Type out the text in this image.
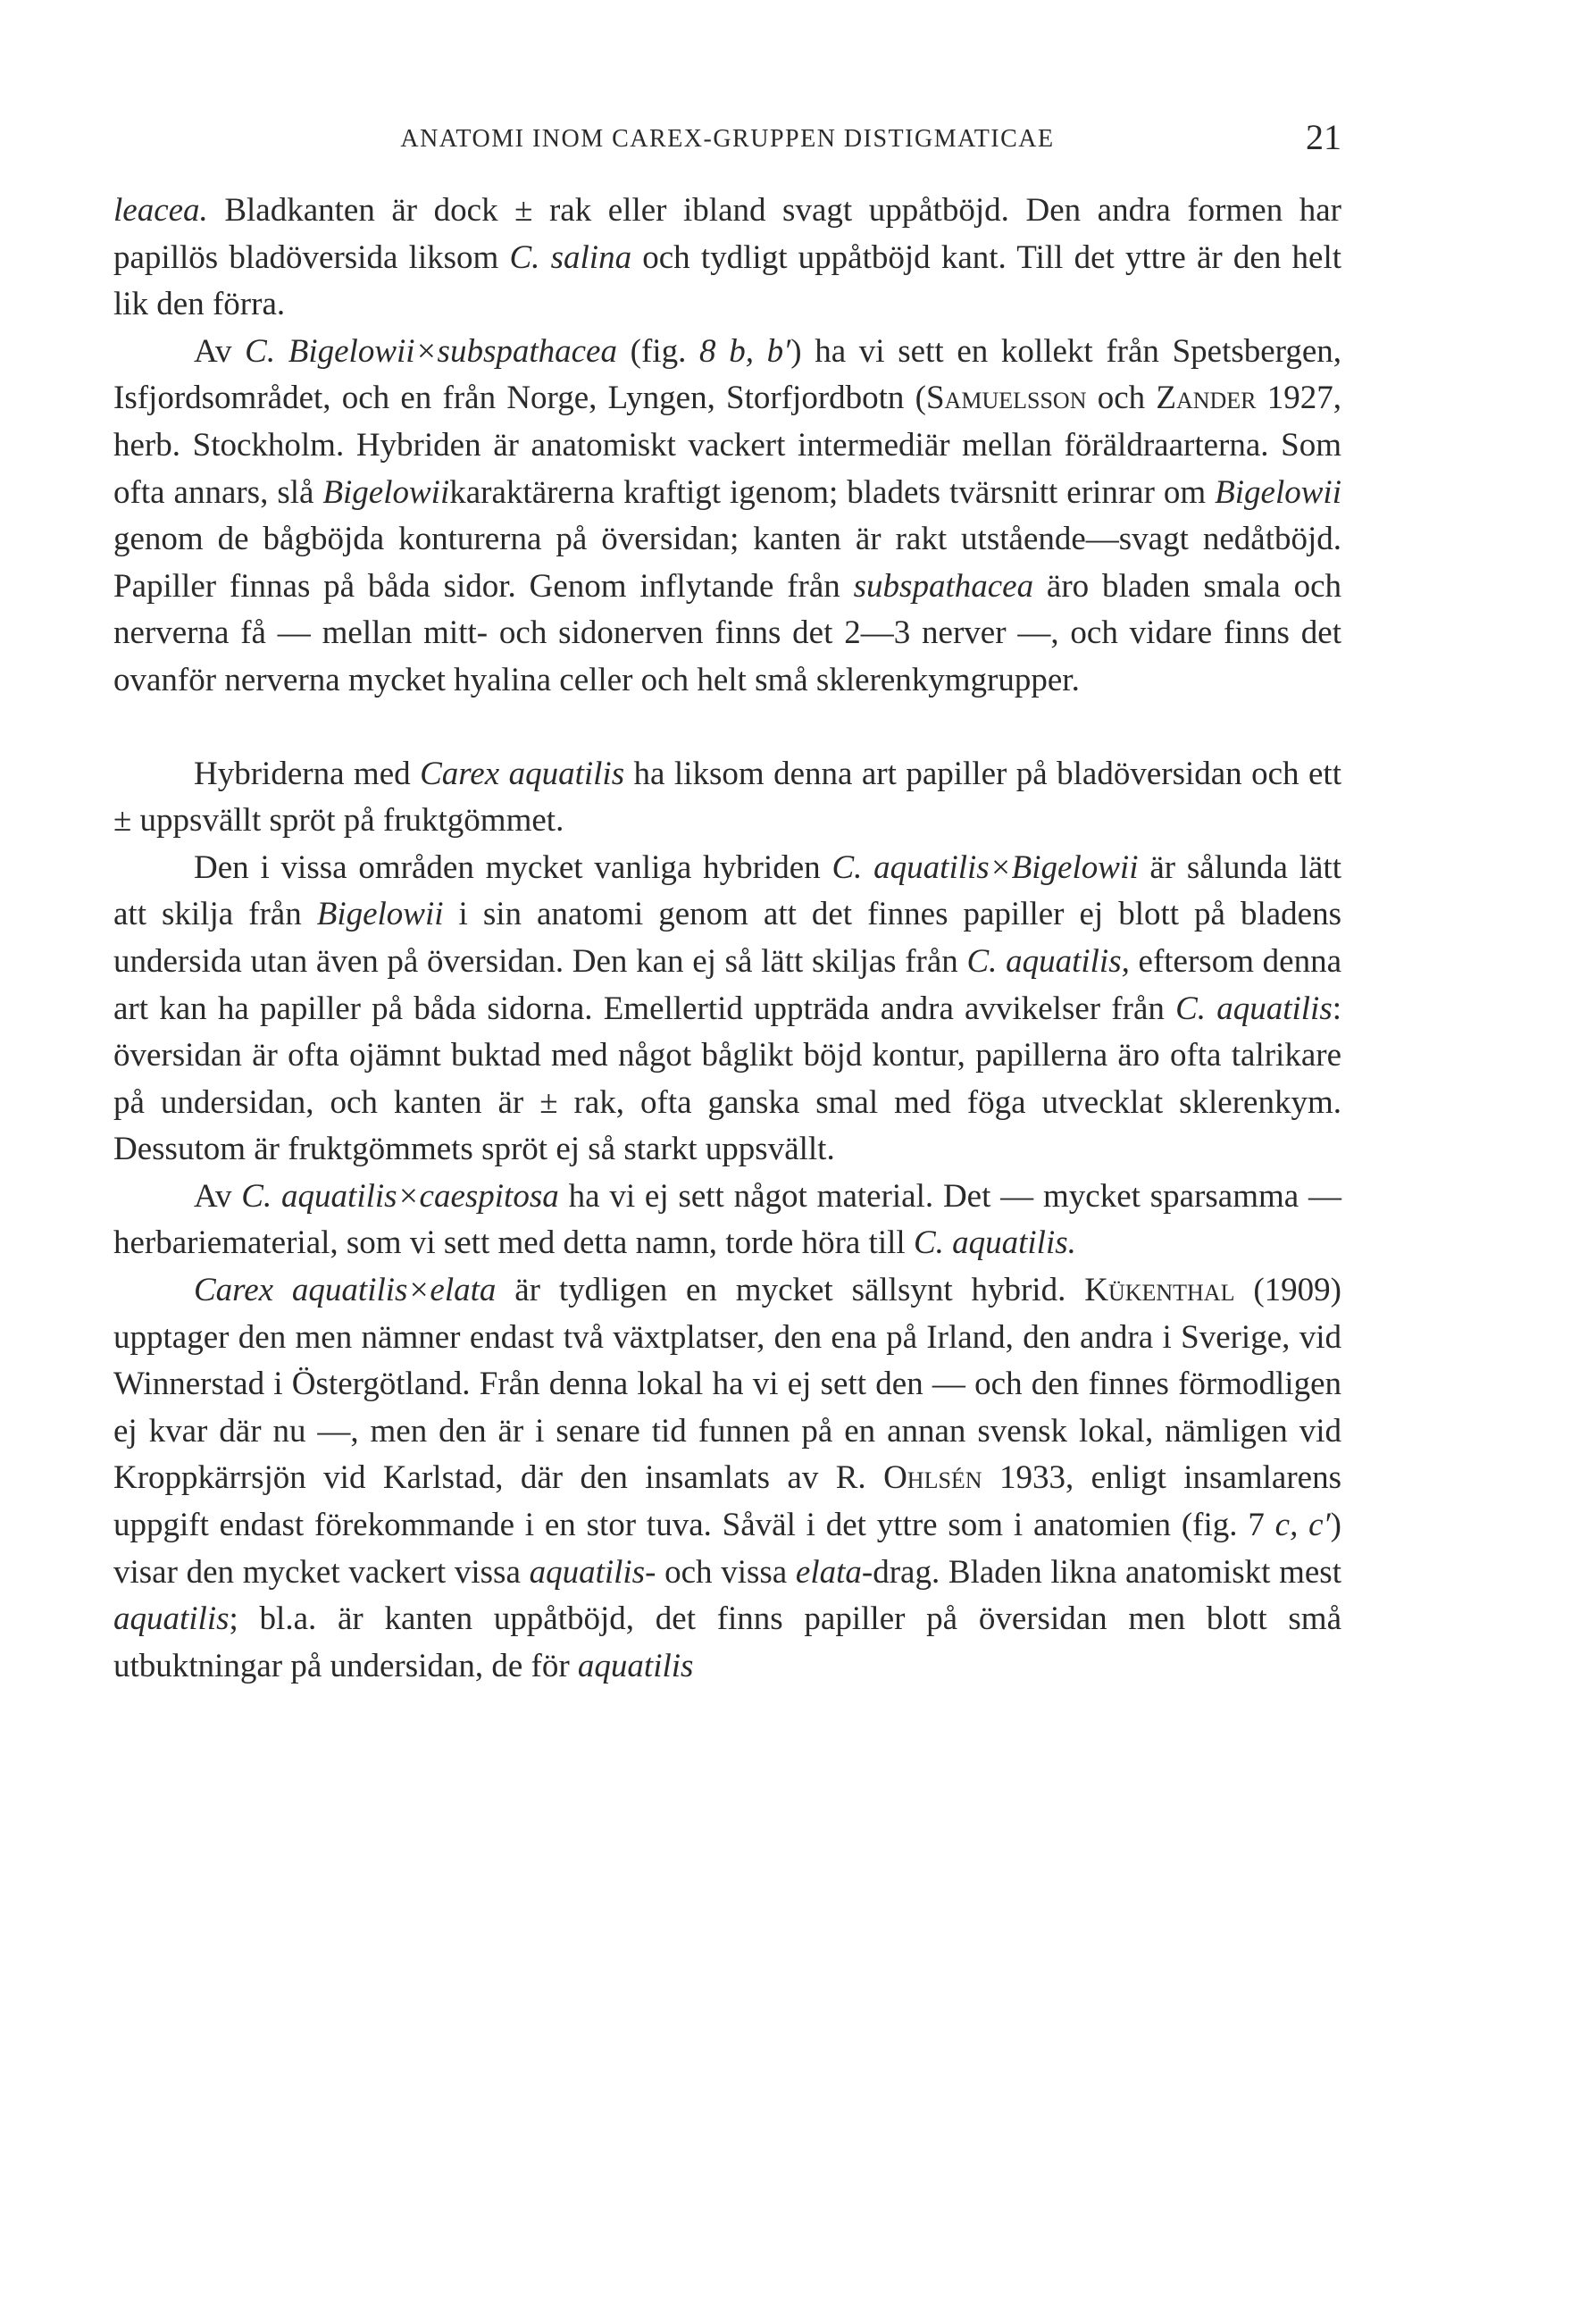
ANATOMI INOM CAREX-GRUPPEN DISTIGMATICAE	21

leacea. Bladkanten är dock ± rak eller ibland svagt uppåtböjd. Den andra formen har papillös bladöversida liksom C. salina och tydligt uppåtböjd kant. Till det yttre är den helt lik den förra.

Av C. Bigelowii×subspathacea (fig. 8 b, b′) ha vi sett en kollekt från Spetsbergen, Isfjordsområdet, och en från Norge, Lyngen, Storfjordbotn (Samuelsson och Zander 1927, herb. Stockholm. Hybriden är anatomiskt vackert intermediär mellan föräldraarterna. Som ofta annars, slå Bigelowiikaraktärerna kraftigt igenom; bladets tvärsnitt erinrar om Bigelowii genom de bågböjda konturerna på översidan; kanten är rakt utstående—svagt nedåtböjd. Papiller finnas på båda sidor. Genom inflytande från subspathacea äro bladen smala och nerverna få — mellan mitt- och sidonerven finns det 2—3 nerver —, och vidare finns det ovanför nerverna mycket hyalina celler och helt små sklerenkymgrupper.

Hybriderna med Carex aquatilis ha liksom denna art papiller på bladöversidan och ett ± uppsvällt spröt på fruktgömmet.

Den i vissa områden mycket vanliga hybriden C. aquatilis×Bigelowii är sålunda lätt att skilja från Bigelowii i sin anatomi genom att det finnes papiller ej blott på bladens undersida utan även på översidan. Den kan ej så lätt skiljas från C. aquatilis, eftersom denna art kan ha papiller på båda sidorna. Emellertid uppträda andra avvikelser från C. aquatilis: översidan är ofta ojämnt buktad med något båglikt böjd kontur, papillerna äro ofta talrikare på undersidan, och kanten är ± rak, ofta ganska smal med föga utvecklat sklerenkym. Dessutom är fruktgömmets spröt ej så starkt uppsvällt.

Av C. aquatilis×caespitosa ha vi ej sett något material. Det — mycket sparsamma — herbariematerial, som vi sett med detta namn, torde höra till C. aquatilis.

Carex aquatilis×elata är tydligen en mycket sällsynt hybrid. Kükenthal (1909) upptager den men nämner endast två växtplatser, den ena på Irland, den andra i Sverige, vid Winnerstad i Östergötland. Från denna lokal ha vi ej sett den — och den finnes förmodligen ej kvar där nu —, men den är i senare tid funnen på en annan svensk lokal, nämligen vid Kroppkärrsjön vid Karlstad, där den insamlats av R. Ohlsén 1933, enligt insamlarens uppgift endast förekommande i en stor tuva. Såväl i det yttre som i anatomien (fig. 7 c, c′) visar den mycket vackert vissa aquatilis- och vissa elata-drag. Bladen likna anatomiskt mest aquatilis; bl.a. är kanten uppåtböjd, det finns papiller på översidan men blott små utbuktningar på undersidan, de för aquatilis
